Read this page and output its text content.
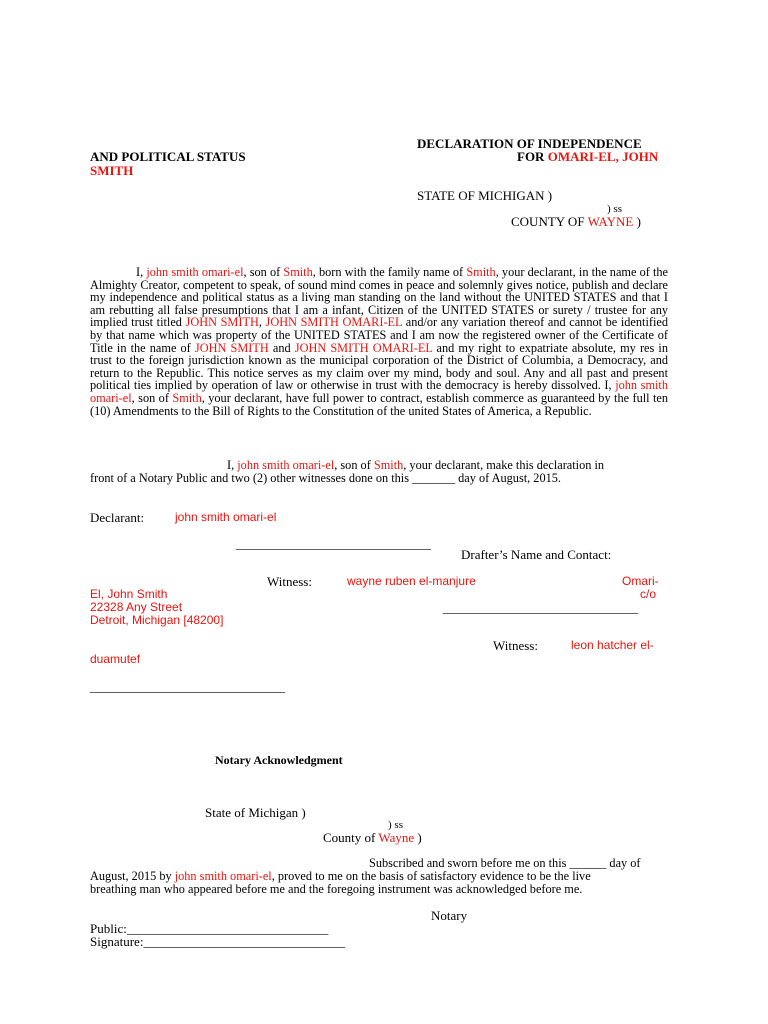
DECLARATION OF INDEPENDENCE
AND POLITICAL STATUS	FOR OMARI-EL, JOHN
SMITH
STATE OF MICHIGAN )
) ss
COUNTY OF WAYNE )

I, john smith omari-el, son of Smith, born with the family name of Smith, your declarant, in the name of the Almighty Creator, competent to speak, of sound mind comes in peace and solemnly gives notice, publish and declare my independence and political status as a living man standing on the land without the UNITED STATES and that I am rebutting all false presumptions that I am a infant, Citizen of the UNITED STATES or surety / trustee for any implied trust titled JOHN SMITH, JOHN SMITH OMARI-EL and/or any variation thereof and cannot be identified by that name which was property of the UNITED STATES and I am now the registered owner of the Certificate of Title in the name of JOHN SMITH and JOHN SMITH OMARI-EL and my right to expatriate absolute, my res in trust to the foreign jurisdiction known as the municipal corporation of the District of Columbia, a Democracy, and return to the Republic. This notice serves as my claim over my mind, body and soul. Any and all past and present political ties implied by operation of law or otherwise in trust with the democracy is hereby dissolved. I, john smith omari-el, son of Smith, your declarant, have full power to contract, establish commerce as guaranteed by the full ten (10) Amendments to the Bill of Rights to the Constitution of the united States of America, a Republic.

I, john smith omari-el, son of Smith, your declarant, make this declaration in
front of a Notary Public and two (2) other witnesses done on this _______ day of August, 2015.
Declarant:	john smith omari-el
______________________________
Drafter’s Name and Contact:
Witness:	wayne ruben el-manjure	Omari-
El, John Smith	c/o
22328 Any Street	______________________________
Detroit, Michigan [48200]
Witness:	leon hatcher el-
duamutef
______________________________
Notary Acknowledgment
State of Michigan )
) ss
County of Wayne )
Subscribed and sworn before me on this ______ day of
August, 2015 by john smith omari-el, proved to me on the basis of satisfactory evidence to be the live
breathing man who appeared before me and the foregoing instrument was acknowledged before me.
Notary
Public:_______________________________
Signature:_______________________________
